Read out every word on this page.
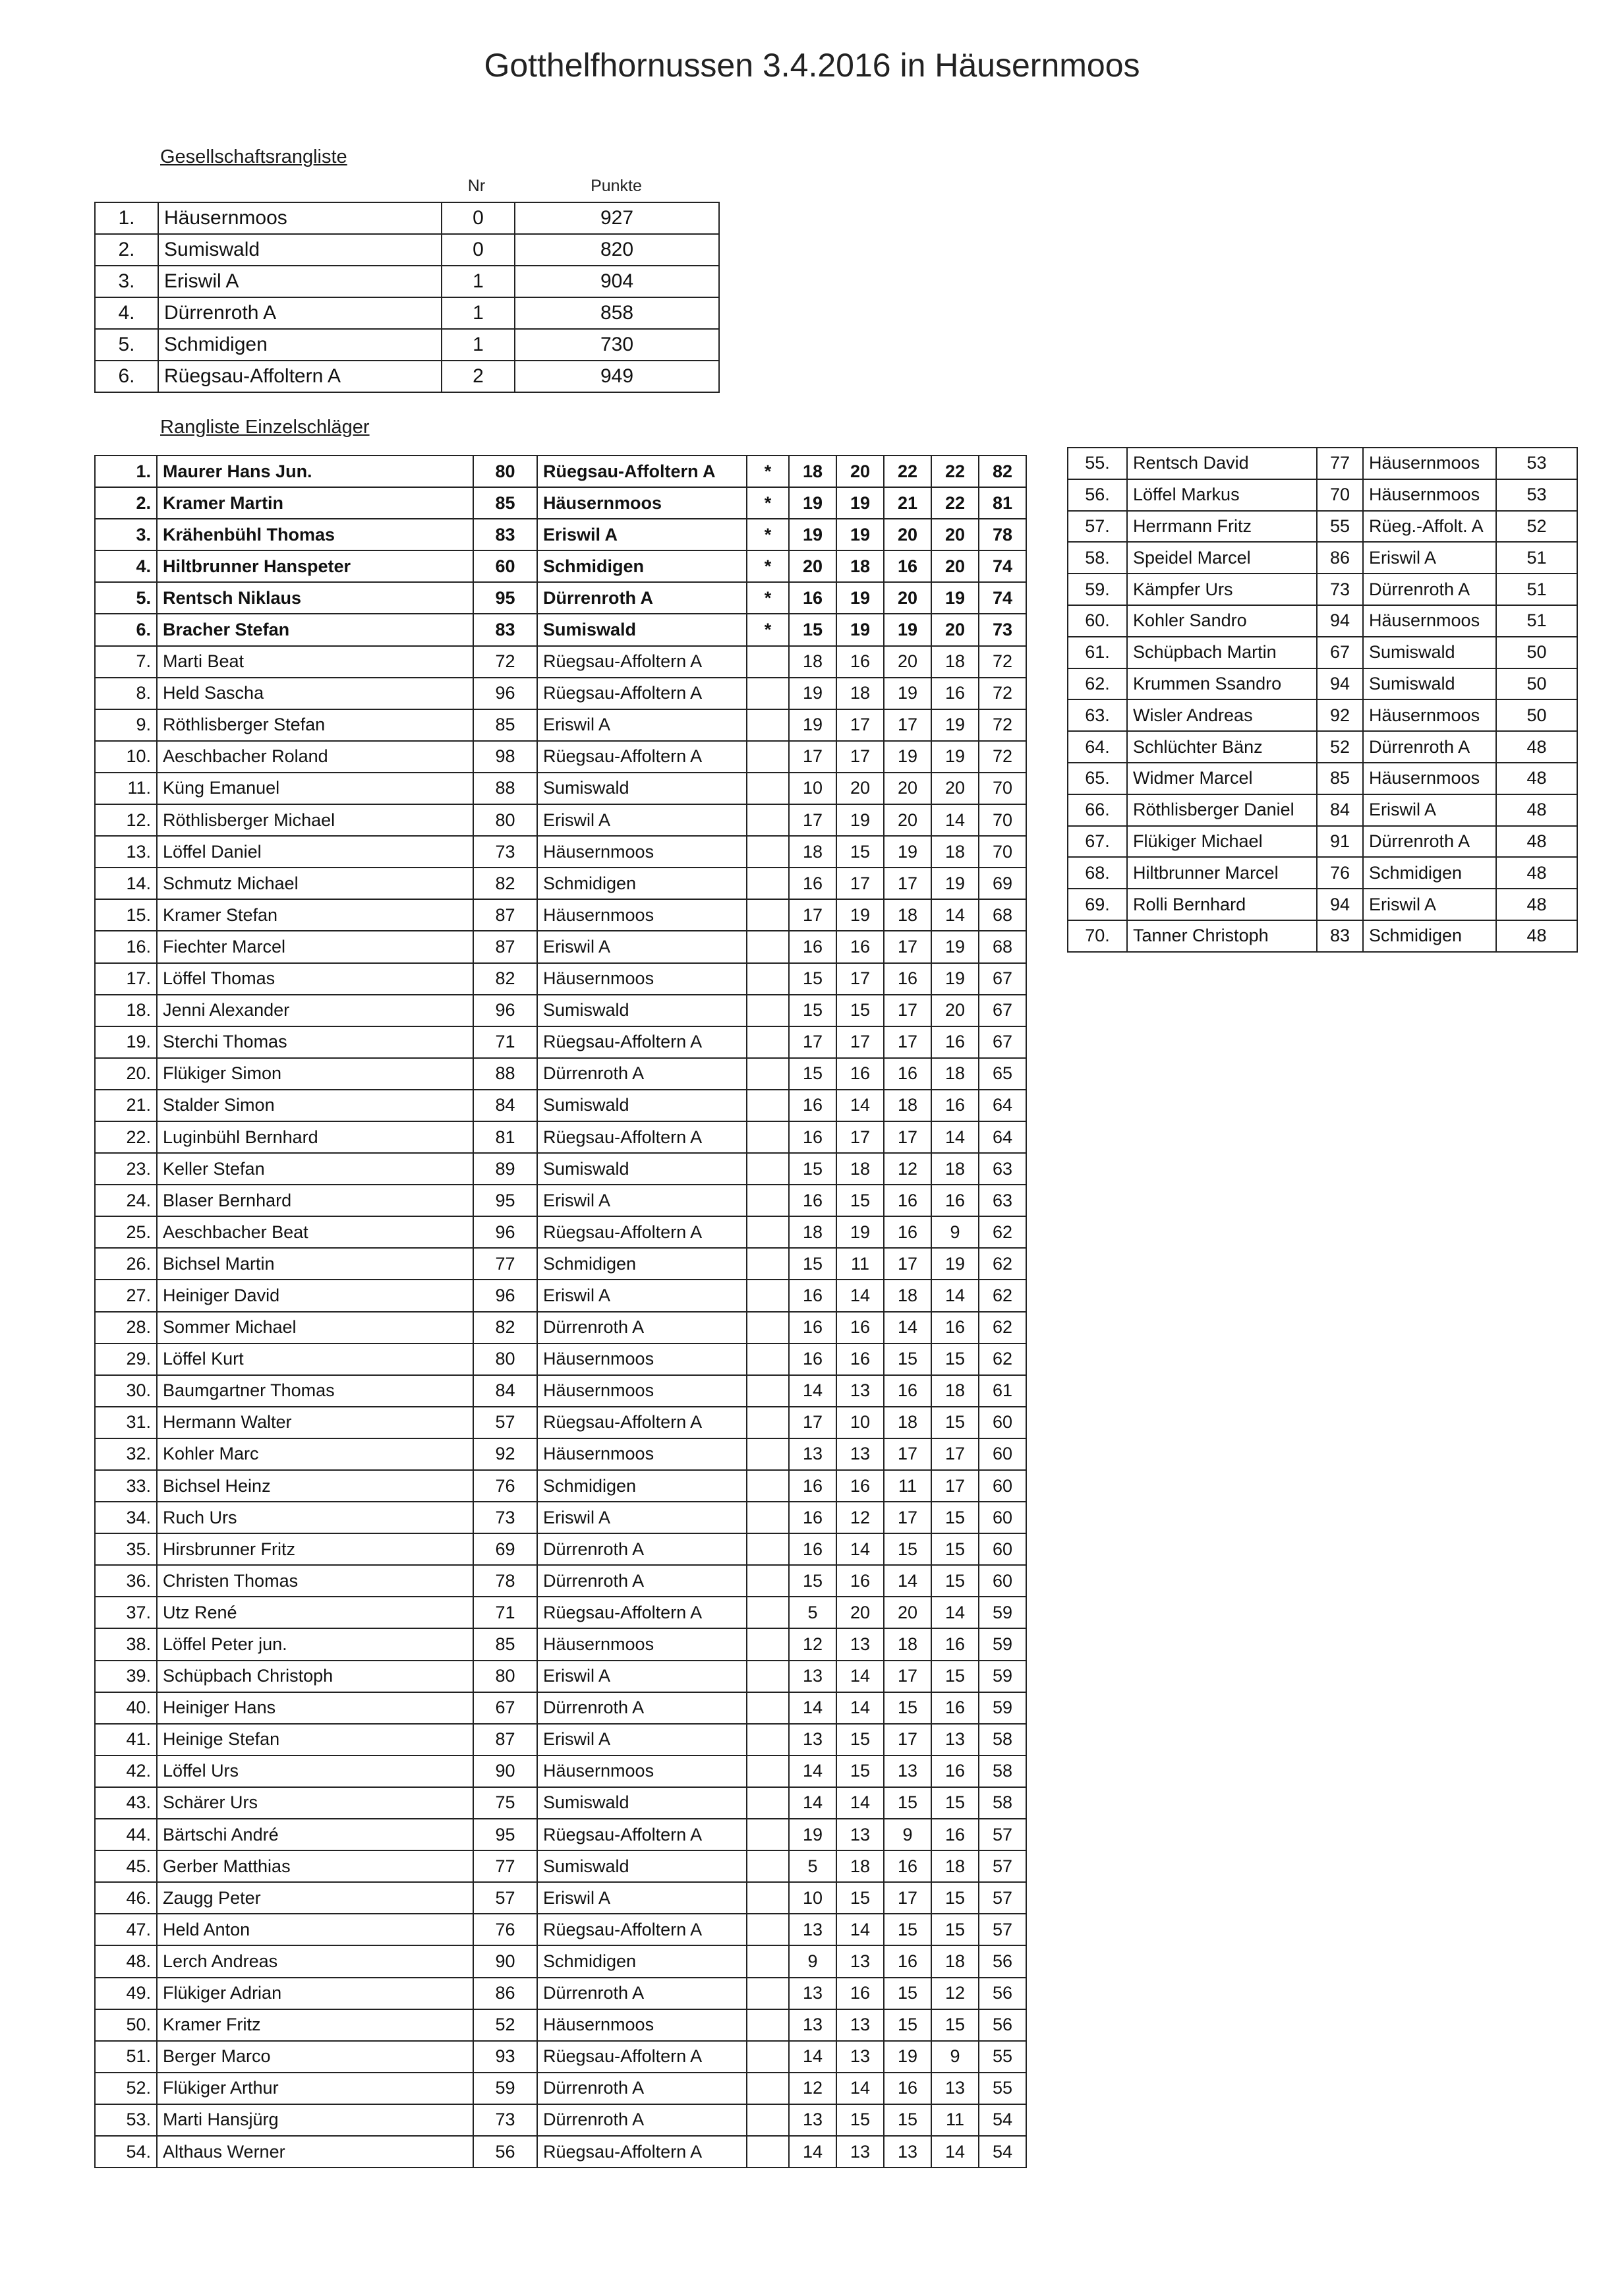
Gotthelfhornussen 3.4.2016 in Häusernmoos
Gesellschaftsrangliste
Nr	Punkte
1.	Häusernmoos	0	927
2.	Sumiswald	0	820
3.	Eriswil A	1	904
4.	Dürrenroth A	1	858
5.	Schmidigen	1	730
6.	Rüegsau-Affoltern A	2	949
Rangliste Einzelschläger
1.	Maurer Hans Jun.	80	Rüegsau-Affoltern A	*	18	20	22	22	82
2.	Kramer Martin	85	Häusernmoos	*	19	19	21	22	81
3.	Krähenbühl Thomas	83	Eriswil A	*	19	19	20	20	78
4.	Hiltbrunner Hanspeter	60	Schmidigen	*	20	18	16	20	74
5.	Rentsch Niklaus	95	Dürrenroth A	*	16	19	20	19	74
6.	Bracher Stefan	83	Sumiswald	*	15	19	19	20	73
7.	Marti Beat	72	Rüegsau-Affoltern A		18	16	20	18	72
8.	Held Sascha	96	Rüegsau-Affoltern A		19	18	19	16	72
9.	Röthlisberger Stefan	85	Eriswil A		19	17	17	19	72
10.	Aeschbacher Roland	98	Rüegsau-Affoltern A		17	17	19	19	72
11.	Küng Emanuel	88	Sumiswald		10	20	20	20	70
12.	Röthlisberger Michael	80	Eriswil A		17	19	20	14	70
13.	Löffel Daniel	73	Häusernmoos		18	15	19	18	70
14.	Schmutz Michael	82	Schmidigen		16	17	17	19	69
15.	Kramer Stefan	87	Häusernmoos		17	19	18	14	68
16.	Fiechter Marcel	87	Eriswil A		16	16	17	19	68
17.	Löffel Thomas	82	Häusernmoos		15	17	16	19	67
18.	Jenni Alexander	96	Sumiswald		15	15	17	20	67
19.	Sterchi Thomas	71	Rüegsau-Affoltern A		17	17	17	16	67
20.	Flükiger Simon	88	Dürrenroth A		15	16	16	18	65
21.	Stalder Simon	84	Sumiswald		16	14	18	16	64
22.	Luginbühl Bernhard	81	Rüegsau-Affoltern A		16	17	17	14	64
23.	Keller Stefan	89	Sumiswald		15	18	12	18	63
24.	Blaser Bernhard	95	Eriswil A		16	15	16	16	63
25.	Aeschbacher Beat	96	Rüegsau-Affoltern A		18	19	16	9	62
26.	Bichsel Martin	77	Schmidigen		15	11	17	19	62
27.	Heiniger David	96	Eriswil A		16	14	18	14	62
28.	Sommer Michael	82	Dürrenroth A		16	16	14	16	62
29.	Löffel Kurt	80	Häusernmoos		16	16	15	15	62
30.	Baumgartner Thomas	84	Häusernmoos		14	13	16	18	61
31.	Hermann Walter	57	Rüegsau-Affoltern A		17	10	18	15	60
32.	Kohler Marc	92	Häusernmoos		13	13	17	17	60
33.	Bichsel Heinz	76	Schmidigen		16	16	11	17	60
34.	Ruch Urs	73	Eriswil A		16	12	17	15	60
35.	Hirsbrunner Fritz	69	Dürrenroth A		16	14	15	15	60
36.	Christen Thomas	78	Dürrenroth A		15	16	14	15	60
37.	Utz René	71	Rüegsau-Affoltern A		5	20	20	14	59
38.	Löffel Peter jun.	85	Häusernmoos		12	13	18	16	59
39.	Schüpbach Christoph	80	Eriswil A		13	14	17	15	59
40.	Heiniger Hans	67	Dürrenroth A		14	14	15	16	59
41.	Heinige Stefan	87	Eriswil A		13	15	17	13	58
42.	Löffel Urs	90	Häusernmoos		14	15	13	16	58
43.	Schärer Urs	75	Sumiswald		14	14	15	15	58
44.	Bärtschi André	95	Rüegsau-Affoltern A		19	13	9	16	57
45.	Gerber Matthias	77	Sumiswald		5	18	16	18	57
46.	Zaugg Peter	57	Eriswil A		10	15	17	15	57
47.	Held Anton	76	Rüegsau-Affoltern A		13	14	15	15	57
48.	Lerch Andreas	90	Schmidigen		9	13	16	18	56
49.	Flükiger Adrian	86	Dürrenroth A		13	16	15	12	56
50.	Kramer Fritz	52	Häusernmoos		13	13	15	15	56
51.	Berger Marco	93	Rüegsau-Affoltern A		14	13	19	9	55
52.	Flükiger Arthur	59	Dürrenroth A		12	14	16	13	55
53.	Marti Hansjürg	73	Dürrenroth A		13	15	15	11	54
54.	Althaus Werner	56	Rüegsau-Affoltern A		14	13	13	14	54
55.	Rentsch David	77	Häusernmoos	53
56.	Löffel Markus	70	Häusernmoos	53
57.	Herrmann Fritz	55	Rüeg.-Affolt. A	52
58.	Speidel Marcel	86	Eriswil A	51
59.	Kämpfer Urs	73	Dürrenroth A	51
60.	Kohler Sandro	94	Häusernmoos	51
61.	Schüpbach Martin	67	Sumiswald	50
62.	Krummen Ssandro	94	Sumiswald	50
63.	Wisler Andreas	92	Häusernmoos	50
64.	Schlüchter Bänz	52	Dürrenroth A	48
65.	Widmer Marcel	85	Häusernmoos	48
66.	Röthlisberger Daniel	84	Eriswil A	48
67.	Flükiger Michael	91	Dürrenroth A	48
68.	Hiltbrunner Marcel	76	Schmidigen	48
69.	Rolli Bernhard	94	Eriswil A	48
70.	Tanner Christoph	83	Schmidigen	48
